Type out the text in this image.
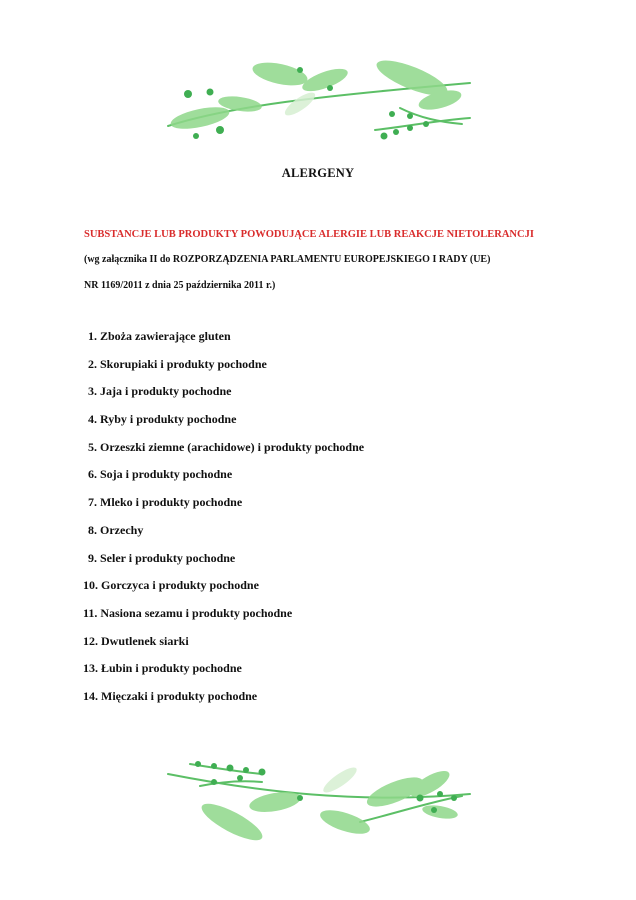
ALERGENY
SUBSTANCJE LUB PRODUKTY POWODUJĄCE ALERGIE LUB REAKCJE NIETOLERANCJI
(wg załącznika II do ROZPORZĄDZENIA PARLAMENTU EUROPEJSKIEGO I RADY (UE)
NR 1169/2011 z dnia 25 października 2011 r.)
1. Zboża zawierające gluten
2. Skorupiaki i produkty pochodne
3. Jaja i produkty pochodne
4. Ryby i produkty pochodne
5. Orzeszki ziemne (arachidowe) i produkty pochodne
6. Soja i produkty pochodne
7. Mleko i produkty pochodne
8. Orzechy
9. Seler i produkty pochodne
10. Gorczyca i produkty pochodne
11. Nasiona sezamu i produkty pochodne
12. Dwutlenek siarki
13. Łubin i produkty pochodne
14. Mięczaki i produkty pochodne
